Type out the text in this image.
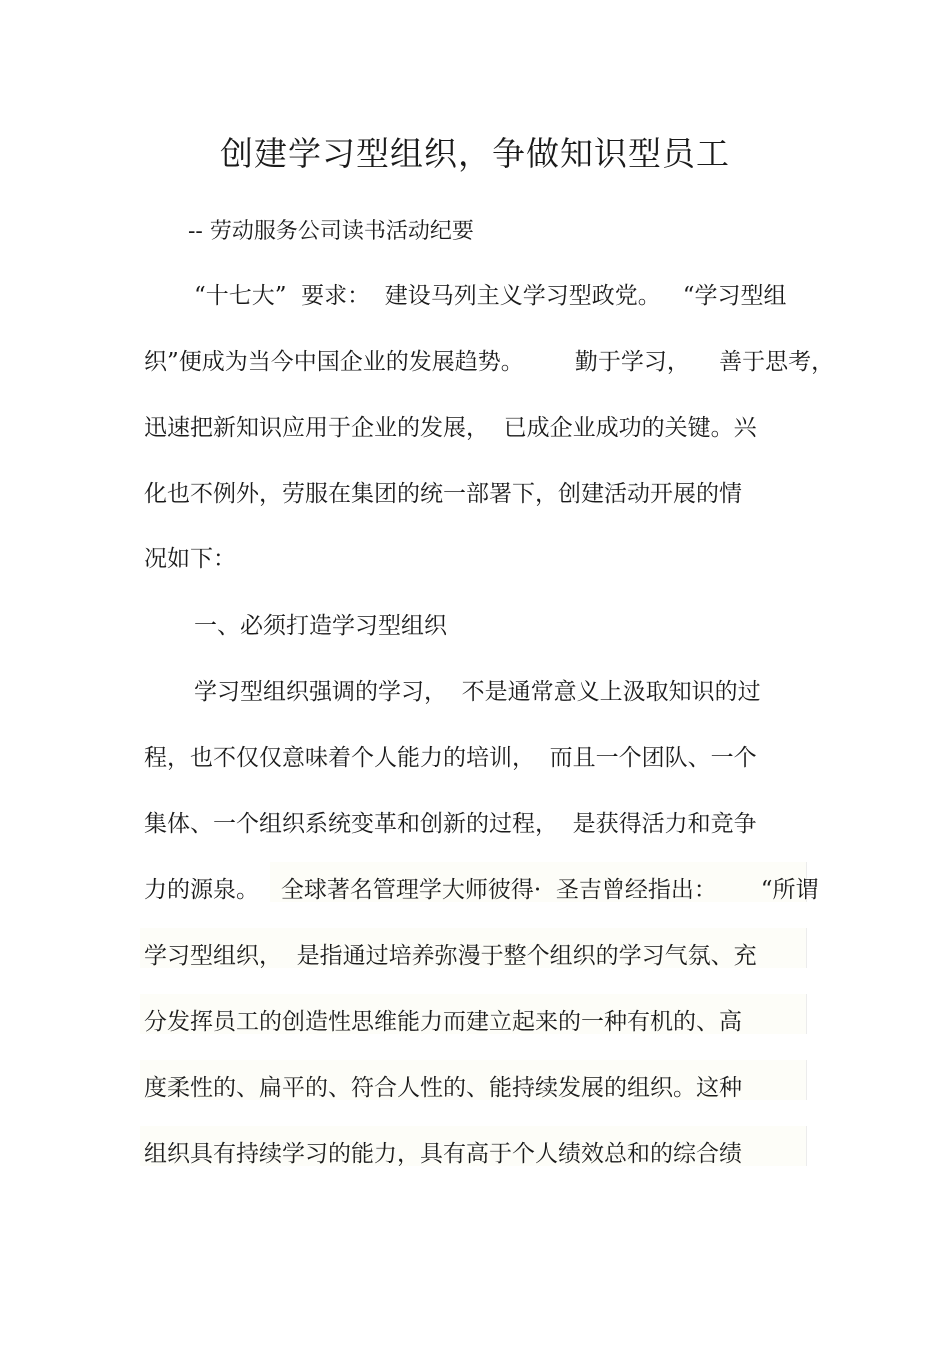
创建学习型组织，争做知识型员工
-- 劳动服务公司读书活动纪要
“十七大”  要求：  建设马列主义学习型政党。   “学习型组
织”便成为当今中国企业的发展趋势。       勤于学习，    善于思考，
迅速把新知识应用于企业的发展，  已成企业成功的关键。兴
化也不例外，劳服在集团的统一部署下，创建活动开展的情
况如下：
一、必须打造学习型组织
学习型组织强调的学习，  不是通常意义上汲取知识的过
程，也不仅仅意味着个人能力的培训，  而且一个团队、一个
集体、一个组织系统变革和创新的过程，  是获得活力和竞争
力的源泉。   全球著名管理学大师彼得·  圣吉曾经指出：      “所谓
学习型组织，  是指通过培养弥漫于整个组织的学习气氛、充
分发挥员工的创造性思维能力而建立起来的一种有机的、高
度柔性的、扁平的、符合人性的、能持续发展的组织。这种
组织具有持续学习的能力，具有高于个人绩效总和的综合绩
